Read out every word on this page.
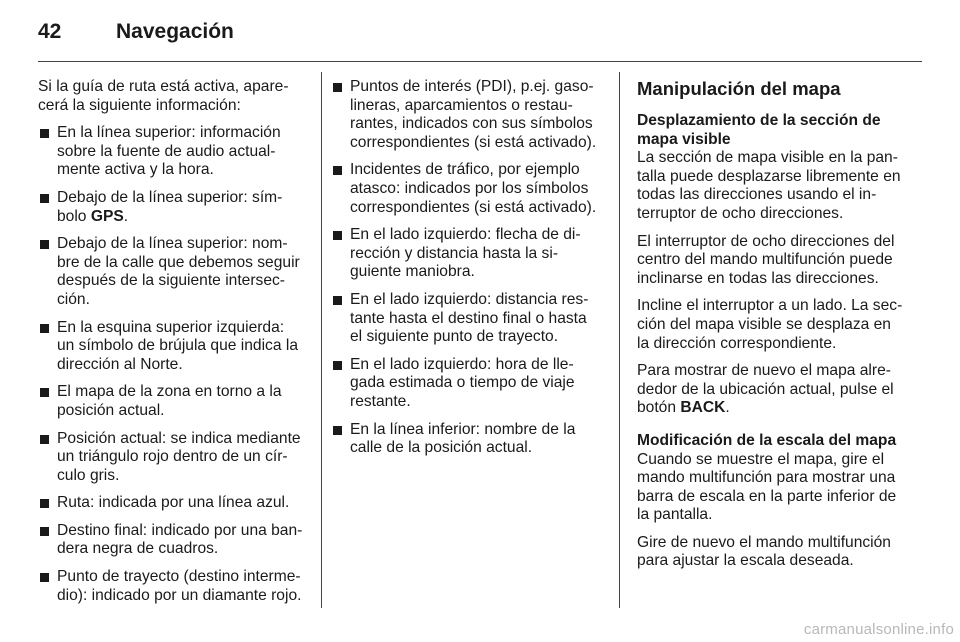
42	Navegación

Si la guía de ruta está activa, aparecerá la siguiente información:

En la línea superior: información sobre la fuente de audio actualmente activa y la hora.
Debajo de la línea superior: símbolo GPS.
Debajo de la línea superior: nombre de la calle que debemos seguir después de la siguiente intersección.
En la esquina superior izquierda: un símbolo de brújula que indica la dirección al Norte.
El mapa de la zona en torno a la posición actual.
Posición actual: se indica mediante un triángulo rojo dentro de un círculo gris.
Ruta: indicada por una línea azul.
Destino final: indicado por una bandera negra de cuadros.
Punto de trayecto (destino intermedio): indicado por un diamante rojo.
Puntos de interés (PDI), p.ej. gasolineras, aparcamientos o restaurantes, indicados con sus símbolos correspondientes (si está activado).
Incidentes de tráfico, por ejemplo atasco: indicados por los símbolos correspondientes (si está activado).
En el lado izquierdo: flecha de dirección y distancia hasta la siguiente maniobra.
En el lado izquierdo: distancia restante hasta el destino final o hasta el siguiente punto de trayecto.
En el lado izquierdo: hora de llegada estimada o tiempo de viaje restante.
En la línea inferior: nombre de la calle de la posición actual.
Manipulación del mapa

Desplazamiento de la sección de mapa visible

La sección de mapa visible en la pantalla puede desplazarse libremente en todas las direcciones usando el interruptor de ocho direcciones.

El interruptor de ocho direcciones del centro del mando multifunción puede inclinarse en todas las direcciones.

Incline el interruptor a un lado. La sección del mapa visible se desplaza en la dirección correspondiente.

Para mostrar de nuevo el mapa alrededor de la ubicación actual, pulse el botón BACK.

Modificación de la escala del mapa

Cuando se muestre el mapa, gire el mando multifunción para mostrar una barra de escala en la parte inferior de la pantalla.

Gire de nuevo el mando multifunción para ajustar la escala deseada.

carmanualsonline.info
